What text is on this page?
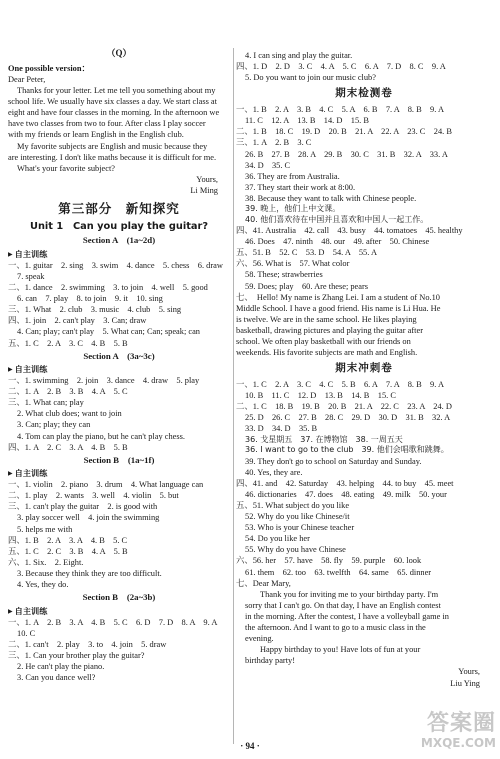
（Q）
One possible version：
Dear Peter,
Thanks for your letter. Let me tell you something about my
school life. We usually have six classes a day. We start class at
eight and have four classes in the morning. In the afternoon we
have two classes from two to four. After class I play soccer
with my friends or learn English in the English club.
My favorite subjects are English and music because they
are interesting. I don't like maths because it is difficult for me.
What's your favorite subject?
Yours,
Li Ming
第三部分　新知探究
Unit 1　Can you play the guitar?
Section A　(1a~2d)
▶ 自主训练
一、1. guitar　2. sing　3. swim　4. dance　5. chess　6. draw
7. speak
二、1. dance　2. swimming　3. to join　4. well　5. good
6. can　7. play　8. to join　9. it　10. sing
三、1. What　2. club　3. music　4. club　5. sing
四、1. join　2. can't play　3. Can; draw
4. Can; play; can't play　5. What can; Can; speak; can
五、1. C　2. A　3. C　4. B　5. B
Section A　(3a~3c)
▶ 自主训练
一、1. swimming　2. join　3. dance　4. draw　5. play
二、1. A　2. B　3. B　4. A　5. C
三、1. What can; play
2. What club does; want to join
3. Can; play; they can
4. Tom can play the piano, but he can't play chess.
四、1. A　2. C　3. A　4. B　5. B
Section B　(1a~1f)
▶ 自主训练
一、1. violin　2. piano　3. drum　4. What language can
二、1. play　2. wants　3. well　4. violin　5. but
三、1. can't play the guitar　2. is good with
3. play soccer well　4. join the swimming
5. helps me with
四、1. B　2. A　3. A　4. B　5. C
五、1. C　2. C　3. B　4. A　5. B
六、1. Six.　2. Eight.
3. Because they think they are too difficult.
4. Yes, they do.
Section B　(2a~3b)
▶ 自主训练
一、1. A　2. B　3. A　4. B　5. C　6. D　7. D　8. A　9. A
10. C
二、1. can't　2. play　3. to　4. join　5. draw
三、1. Can your brother play the guitar?
2. He can't play the piano.
3. Can you dance well?
4. I can sing and play the guitar.
四、1. D　2. D　3. C　4. A　5. C　6. A　7. D　8. C　9. A
5. Do you want to join our music club?
期末检测卷
一、1. B　2. A　3. B　4. C　5. A　6. B　7. A　8. B　9. A
11. C　12. A　13. B　14. D　15. B
二、1. B　18. C　19. D　20. B　21. A　22. A　23. C　24. B
三、1. A　2. B　3. C
26. B　27. B　28. A　29. B　30. C　31. B　32. A　33. A
34. D　35. C
36. They are from Australia.
37. They start their work at 8:00.
38. Because they want to talk with Chinese people.
39. 晚上，他们上中文课。
40. 他们喜欢待在中国并且喜欢和中国人一起工作。
四、41. Australia　42. call　43. busy　44. tomatoes　45. healthy
46. Does　47. ninth　48. our　49. after　50. Chinese
五、51. B　52. C　53. D　54. A　55. A
六、56. What is　57. What color
58. These; strawberries
59. Does; play　60. Are these; pears
七、　Hello! My name is Zhang Lei. I am a student of No.10
Middle School. I have a good friend. His name is Li Hua. He
is twelve. We are in the same school. He likes playing
basketball, drawing pictures and playing the guitar after
school. We often play basketball with our friends on
weekends. His favorite subjects are math and English.
期末冲刺卷
一、1. C　2. A　3. C　4. C　5. B　6. A　7. A　8. B　9. A
10. B　11. C　12. D　13. B　14. B　15. C
二、1. C　18. B　19. B　20. B　21. A　22. C　23. A　24. D
25. D　26. C　27. B　28. C　29. D　30. D　31. B　32. A
33. D　34. D　35. B
36. 戈星期五　37. 在博物馆　38. 一周五天
36. I want to go to the club　39. 他们会唱歌和跳舞。
39. They don't go to school on Saturday and Sunday.
40. Yes, they are.
四、41. and　42. Saturday　43. helping　44. to buy　45. meet
46. dictionaries　47. does　48. eating　49. milk　50. your
五、51. What subject do you like
52. Why do you like Chinese/it
53. Who is your Chinese teacher
54. Do you like her
55. Why do you have Chinese
六、56. her　57. have　58. fly　59. purple　60. look
61. them　62. too　63. twelfth　64. same　65. dinner
七、Dear Mary,
Thank you for inviting me to your birthday party. I'm
sorry that I can't go. On that day, I have an English contest
in the morning. After the contest, I have a volleyball game in
the afternoon. And I want to go to a music class in the
evening.
Happy birthday to you! Have lots of fun at your
birthday party!
Yours,
Liu Ying
· 94 ·
答案圈
MXQE.COM
